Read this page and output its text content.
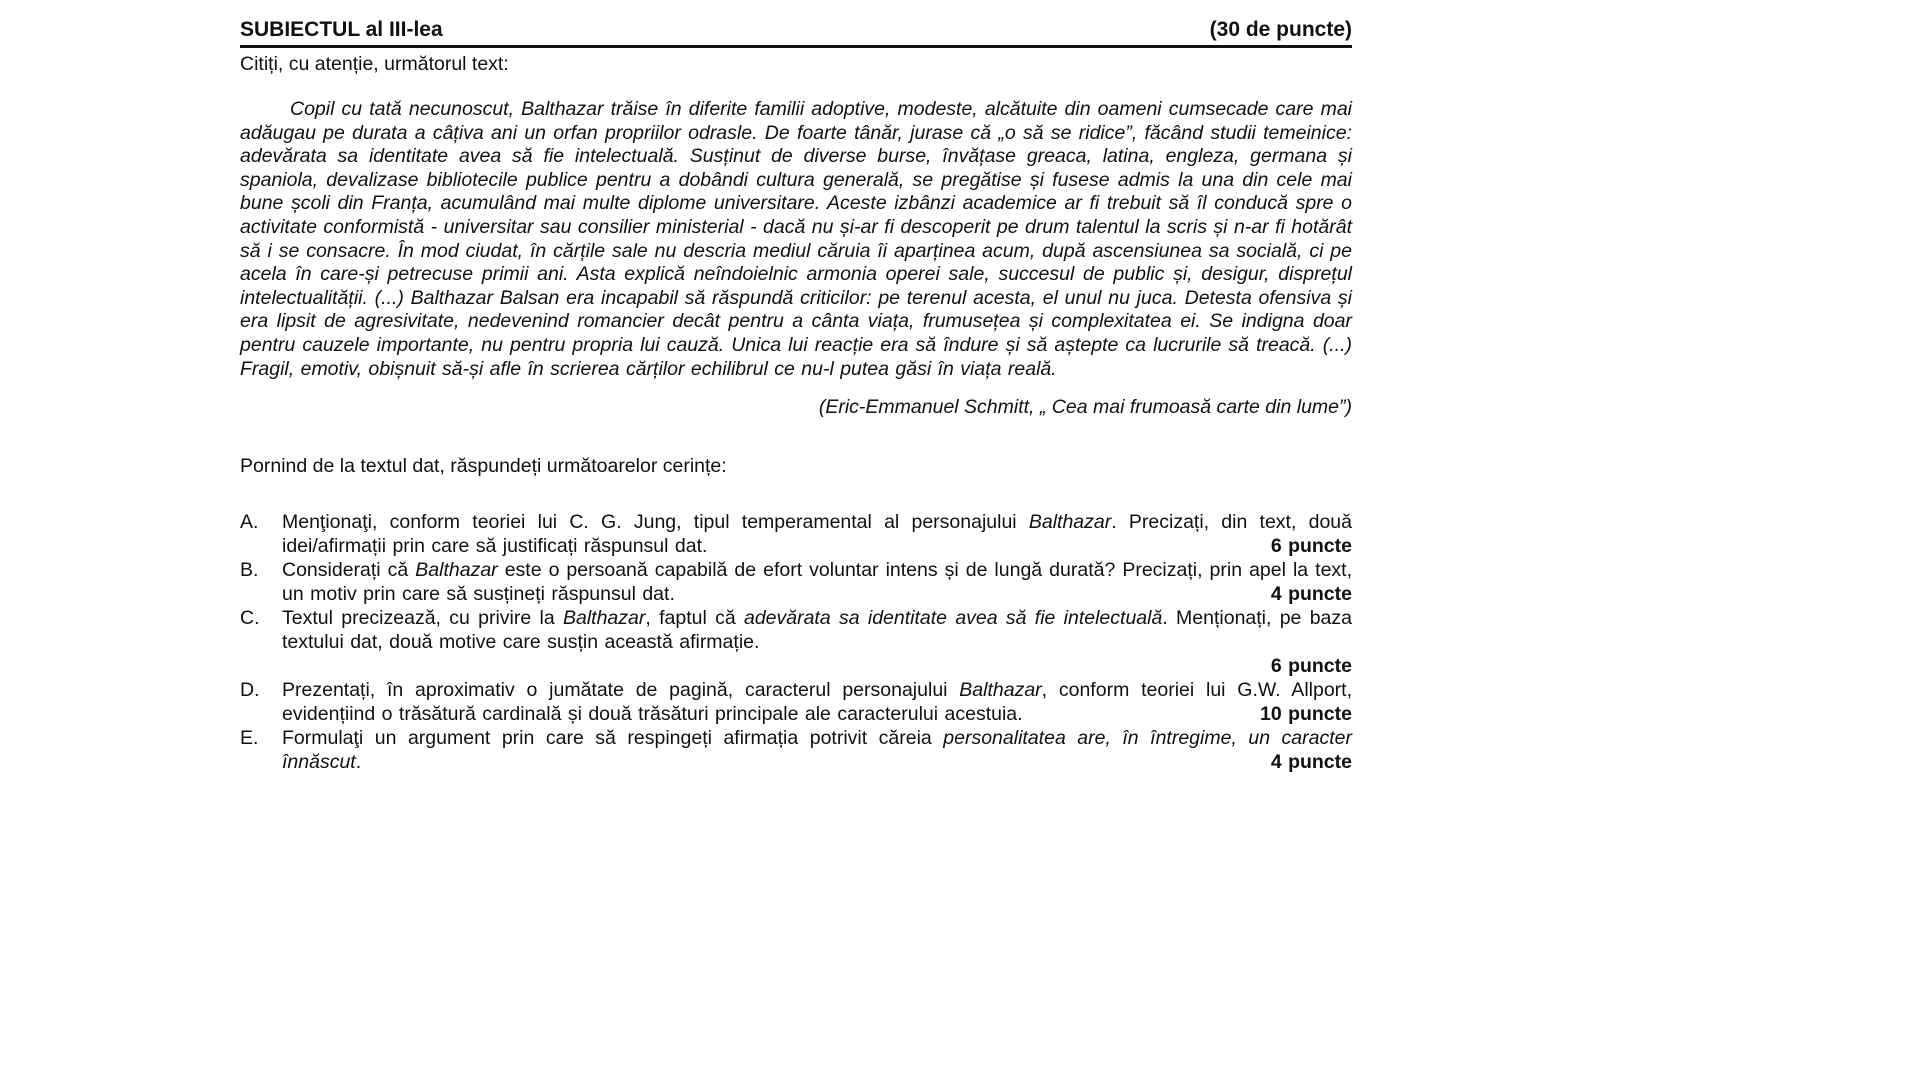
SUBIECTUL al III-lea	(30 de puncte)
Citiți, cu atenție, următorul text:
Copil cu tată necunoscut, Balthazar trăise în diferite familii adoptive, modeste, alcătuite din oameni cumsecade care mai adăugau pe durata a câțiva ani un orfan propriilor odrasle. De foarte tânăr, jurase că „o să se ridice”, făcând studii temeinice: adevărata sa identitate avea să fie intelectuală. Susținut de diverse burse, învățase greaca, latina, engleza, germana și spaniola, devalizase bibliotecile publice pentru a dobândi cultura generală, se pregătise și fusese admis la una din cele mai bune școli din Franța, acumulând mai multe diplome universitare. Aceste izbânzi academice ar fi trebuit să îl conducă spre o activitate conformistă - universitar sau consilier ministerial - dacă nu și-ar fi descoperit pe drum talentul la scris și n-ar fi hotărât să i se consacre. În mod ciudat, în cărțile sale nu descria mediul căruia îi aparținea acum, după ascensiunea sa socială, ci pe acela în care-și petrecuse primii ani. Asta explică neîndoielnic armonia operei sale, succesul de public și, desigur, disprețul intelectualității. (...) Balthazar Balsan era incapabil să răspundă criticilor: pe terenul acesta, el unul nu juca. Detesta ofensiva și era lipsit de agresivitate, nedevenind romancier decât pentru a cânta viața, frumusețea și complexitatea ei. Se indigna doar pentru cauzele importante, nu pentru propria lui cauză. Unica lui reacție era să îndure și să aștepte ca lucrurile să treacă. (...) Fragil, emotiv, obișnuit să-și afle în scrierea cărților echilibrul ce nu-l putea găsi în viața reală.
(Eric-Emmanuel Schmitt, „ Cea mai frumoasă carte din lume”)
Pornind de la textul dat, răspundeți următoarelor cerințe:
A. Menţionaţi, conform teoriei lui C. G. Jung, tipul temperamental al personajului Balthazar. Precizați, din text, două idei/afirmații prin care să justificați răspunsul dat.	6 puncte
B. Considerați că Balthazar este o persoană capabilă de efort voluntar intens și de lungă durată? Precizați, prin apel la text, un motiv prin care să susțineți răspunsul dat.	4 puncte
C. Textul precizează, cu privire la Balthazar, faptul că adevărata sa identitate avea să fie intelectuală. Menționați, pe baza textului dat, două motive care susțin această afirmație.
6 puncte
D. Prezentați, în aproximativ o jumătate de pagină, caracterul personajului Balthazar, conform teoriei lui G.W. Allport, evidențiind o trăsătură cardinală și două trăsături principale ale caracterului acestuia.	10 puncte
E. Formulaţi un argument prin care să respingeți afirmația potrivit căreia personalitatea are, în întregime, un caracter înnăscut.	4 puncte
